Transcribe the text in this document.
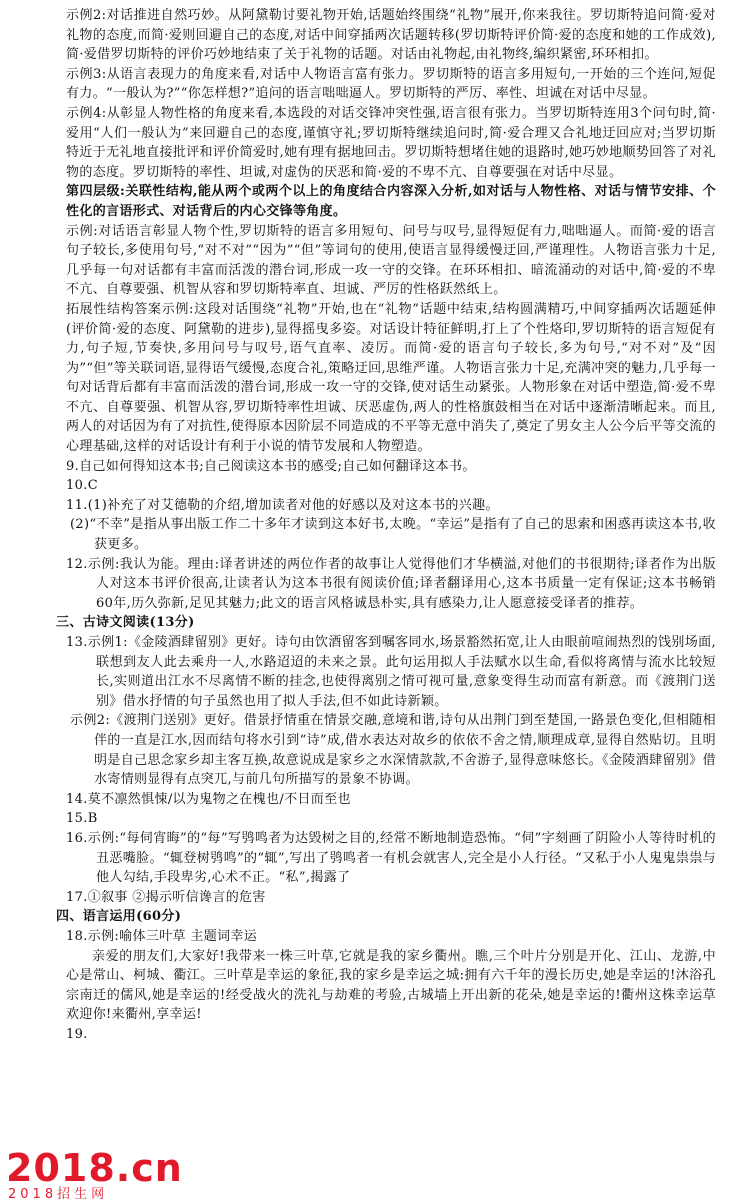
示例2:对话推进自然巧妙。从阿黛勒讨要礼物开始,话题始终围绕“礼物”展开,你来我往。罗切斯特追问简·爱对礼物的态度,而简·爱则回避自己的态度,对话中间穿插两次话题转移(罗切斯特评价简·爱的态度和她的工作成效),简·爱借罗切斯特的评价巧妙地结束了关于礼物的话题。对话由礼物起,由礼物终,编织紧密,环环相扣。

示例3:从语言表现力的角度来看,对话中人物语言富有张力。罗切斯特的语言多用短句,一开始的三个连问,短促有力。“一般认为?”“你怎样想?”追问的语言咄咄逼人。罗切斯特的严厉、率性、坦诚在对话中尽显。

示例4:从彰显人物性格的角度来看,本选段的对话交锋冲突性强,语言很有张力。当罗切斯特连用3个问句时,简·爱用“人们一般认为”来回避自己的态度,谨慎守礼;罗切斯特继续追问时,简·爱合理又合礼地迂回应对;当罗切斯特近于无礼地直接批评和评价简爱时,她有理有据地回击。罗切斯特想堵住她的退路时,她巧妙地顺势回答了对礼物的态度。罗切斯特的率性、坦诚,对虚伪的厌恶和简·爱的不卑不亢、自尊要强在对话中尽显。

第四层级:关联性结构,能从两个或两个以上的角度结合内容深入分析,如对话与人物性格、对话与情节安排、个性化的言语形式、对话背后的内心交锋等角度。

示例:对话语言彰显人物个性,罗切斯特的语言多用短句、问号与叹号,显得短促有力,咄咄逼人。而简·爱的语言句子较长,多使用句号,“对不对”“因为”“但”等词句的使用,使语言显得缓慢迂回,严谨理性。人物语言张力十足,几乎每一句对话都有丰富而活泼的潜台词,形成一攻一守的交锋。在环环相扣、暗流涌动的对话中,简·爱的不卑不亢、自尊要强、机智从容和罗切斯特率直、坦诚、严厉的性格跃然纸上。

拓展性结构答案示例:这段对话围绕“礼物”开始,也在“礼物”话题中结束,结构圆满精巧,中间穿插两次话题延伸(评价简·爱的态度、阿黛勒的进步),显得摇曳多姿。对话设计特征鲜明,打上了个性烙印,罗切斯特的语言短促有力,句子短,节奏快,多用问号与叹号,语气直率、凌厉。而简·爱的语言句子较长,多为句号,“对不对”及“因为”“但”等关联词语,显得语气缓慢,态度合礼,策略迂回,思维严谨。人物语言张力十足,充满冲突的魅力,几乎每一句对话背后都有丰富而活泼的潜台词,形成一攻一守的交锋,使对话生动紧张。人物形象在对话中塑造,简·爱不卑不亢、自尊要强、机智从容,罗切斯特率性坦诚、厌恶虚伪,两人的性格旗鼓相当在对话中逐渐清晰起来。而且,两人的对话因为有了对抗性,使得原本因阶层不同造成的不平等无意中消失了,奠定了男女主人公今后平等交流的心理基础,这样的对话设计有利于小说的情节发展和人物塑造。

9.自己如何得知这本书;自己阅读这本书的感受;自己如何翻译这本书。

10.C

11.(1)补充了对艾德勒的介绍,增加读者对他的好感以及对这本书的兴趣。

(2)“不幸”是指从事出版工作二十多年才读到这本好书,太晚。“幸运”是指有了自己的思索和困惑再读这本书,收获更多。

12.示例:我认为能。理由:译者讲述的两位作者的故事让人觉得他们才华横溢,对他们的书很期待;译者作为出版人对这本书评价很高,让读者认为这本书很有阅读价值;译者翻译用心,这本书质量一定有保证;这本书畅销60年,历久弥新,足见其魅力;此文的语言风格诚恳朴实,具有感染力,让人愿意接受译者的推荐。

三、古诗文阅读(13分)

13.示例1:《金陵酒肆留别》更好。诗句由饮酒留客到嘱客同水,场景豁然拓宽,让人由眼前喧闹热烈的饯别场面,联想到友人此去乘舟一人,水路迢迢的未来之景。此句运用拟人手法赋水以生命,看似将离情与流水比较短长,实则道出江水不尽离情不断的挂念,也使得离别之情可视可量,意象变得生动而富有新意。而《渡荆门送别》借水抒情的句子虽然也用了拟人手法,但不如此诗新颖。

示例2:《渡荆门送别》更好。借景抒情重在情景交融,意境和谐,诗句从出荆门到至楚国,一路景色变化,但相随相伴的一直是江水,因而结句将水引到“诗”成,借水表达对故乡的依依不舍之情,顺理成章,显得自然贴切。且明明是自己思念家乡却主客互换,故意说成是家乡之水深情款款,不舍游子,显得意味悠长。《金陵酒肆留别》借水寄情则显得有点突兀,与前几句所描写的景象不协调。

14.莫不凛然惧悚/以为鬼物之在槐也/不日而至也

15.B

16.示例:“每伺宵晦”的“每”写鸮鸣者为达毁树之目的,经常不断地制造恐怖。“伺”字刻画了阴险小人等待时机的丑恶嘴脸。“辄登树鸮鸣”的“辄”,写出了鸮鸣者一有机会就害人,完全是小人行径。“又私于小人鬼鬼祟祟与他人勾结,手段卑劣,心术不正。“私”,揭露了

17.①叙事 ②揭示听信谗言的危害

四、语言运用(60分)

18.示例:喻体三叶草 主题词幸运

亲爱的朋友们,大家好!我带来一株三叶草,它就是我的家乡衢州。瞧,三个叶片分别是开化、江山、龙游,中心是常山、柯城、衢江。三叶草是幸运的象征,我的家乡是幸运之城:拥有六千年的漫长历史,她是幸运的!沐浴孔宗南迁的儒风,她是幸运的!经受战火的洗礼与劫难的考验,古城墙上开出新的花朵,她是幸运的!衢州这株幸运草欢迎你!来衢州,享幸运!

19.

2018.cn
2018招生网
